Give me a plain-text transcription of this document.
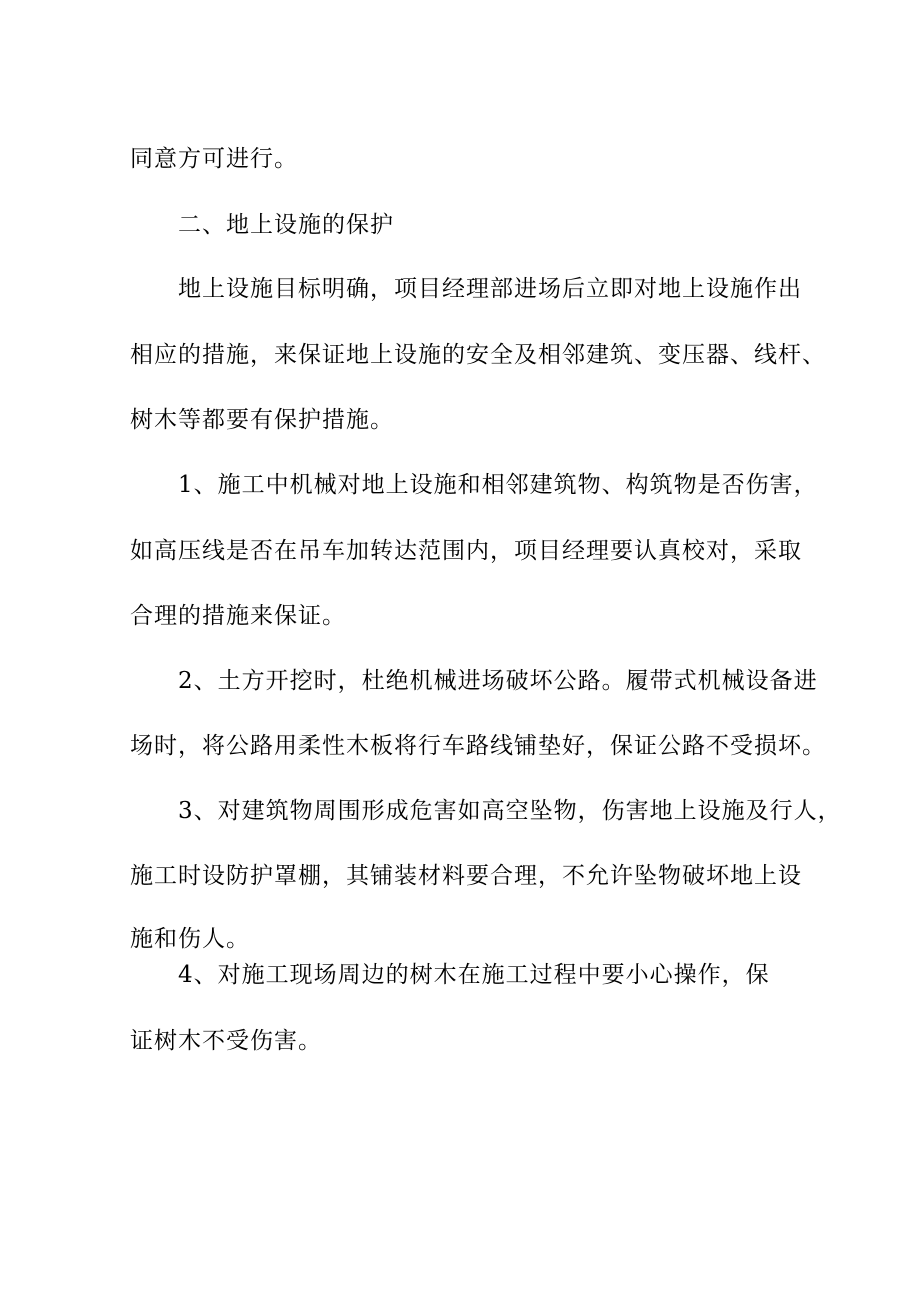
同意方可进行。

二、地上设施的保护

地上设施目标明确，项目经理部进场后立即对地上设施作出

相应的措施，来保证地上设施的安全及相邻建筑、变压器、线杆、

树木等都要有保护措施。

1、施工中机械对地上设施和相邻建筑物、构筑物是否伤害，

如高压线是否在吊车加转达范围内，项目经理要认真校对，采取

合理的措施来保证。

2、土方开挖时，杜绝机械进场破坏公路。履带式机械设备进

场时，将公路用柔性木板将行车路线铺垫好，保证公路不受损坏。

3、对建筑物周围形成危害如高空坠物，伤害地上设施及行人，

施工时设防护罩棚，其铺装材料要合理，不允许坠物破坏地上设

施和伤人。

4、对施工现场周边的树木在施工过程中要小心操作，保

证树木不受伤害。
